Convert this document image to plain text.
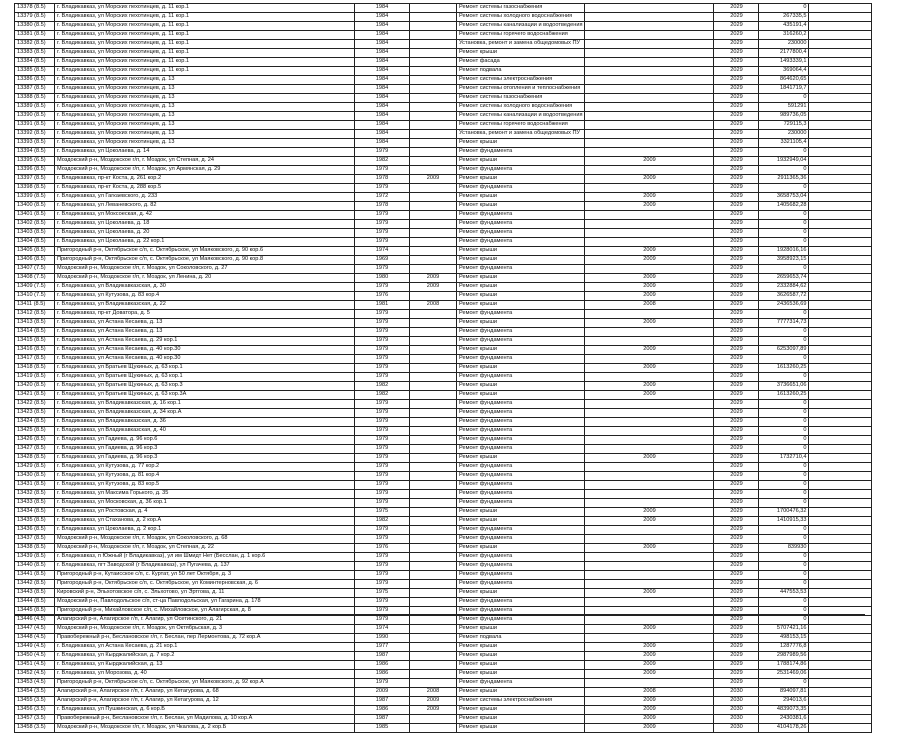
13378 (8.5)	г. Владикавказ, ул Морских пехотинцев, д. 11 кор.1	1984		Ремонт системы газоснабжения		2029	0	
13379 (8.5)	г. Владикавказ, ул Морских пехотинцев, д. 11 кор.1	1984		Ремонт системы холодного водоснабжения		2029	267335,5	
13380 (8.5)	г. Владикавказ, ул Морских пехотинцев, д. 11 кор.1	1984		Ремонт системы канализации и водоотведения		2029	435191,4	
13381 (8.5)	г. Владикавказ, ул Морских пехотинцев, д. 11 кор.1	1984		Ремонт системы горячего водоснабжения		2029	316260,2	
13382 (8.5)	г. Владикавказ, ул Морских пехотинцев, д. 11 кор.1	1984		Установка, ремонт и замена общедомовых ПУ		2029	230000	
13383 (8.5)	г. Владикавказ, ул Морских пехотинцев, д. 11 кор.1	1984		Ремонт крыши		2029	2177800,4	
13384 (8.5)	г. Владикавказ, ул Морских пехотинцев, д. 11 кор.1	1984		Ремонт фасада		2029	1493339,1	
13385 (8.5)	г. Владикавказ, ул Морских пехотинцев, д. 11 кор.1	1984		Ремонт подвала		2029	369064,4	
13386 (8.5)	г. Владикавказ, ул Морских пехотинцев, д. 13	1984		Ремонт системы электроснабжения		2029	864620,65	
13387 (8.5)	г. Владикавказ, ул Морских пехотинцев, д. 13	1984		Ремонт системы отопления и теплоснабжения		2029	1841719,7	
13388 (8.5)	г. Владикавказ, ул Морских пехотинцев, д. 13	1984		Ремонт системы газоснабжения		2029	0	
13389 (8.5)	г. Владикавказ, ул Морских пехотинцев, д. 13	1984		Ремонт системы холодного водоснабжения		2029	591291	
13390 (8.5)	г. Владикавказ, ул Морских пехотинцев, д. 13	1984		Ремонт системы канализации и водоотведения		2029	989736,05	
13391 (8.5)	г. Владикавказ, ул Морских пехотинцев, д. 13	1984		Ремонт системы горячего водоснабжения		2029	729115,3	
13392 (8.5)	г. Владикавказ, ул Морских пехотинцев, д. 13	1984		Установка, ремонт и замена общедомовых ПУ		2029	230000	
13393 (8.5)	г. Владикавказ, ул Морских пехотинцев, д. 13	1984		Ремонт крыши		2029	3321105,4	
13394 (8.5)	г. Владикавказ, ул Цоколаева, д. 14	1979		Ремонт фундамента		2029	0	
13395 (6.5)	Моздокский р-н, Моздокское г/п, г. Моздок, ул Степная, д. 24	1982		Ремонт крыши	2009	2029	1932949,04	
13396 (8.5)	Моздокский р-н, Моздокское г/п, г. Моздок, ул Армянская, д. 29	1979		Ремонт фундамента		2029	0	
13397 (8.5)	г. Владикавказ, пр-кт Коста, д. 261 кор.2	1978	2009	Ремонт крыши	2009	2029	2911365,36	
13398 (8.5)	г. Владикавказ, пр-кт Коста, д. 288 кор.5	1979		Ремонт фундамента		2029	0	
13399 (8.5)	г. Владикавказ, ул Гагкаевского, д. 233	1972		Ремонт крыши	2009	2029	3658753,04	
13400 (8.5)	г. Владикавказ, ул Леваневского, д. 82	1978		Ремонт крыши	2009	2029	1405682,28	
13401 (8.5)	г. Владикавказ, ул Моксоеская, д. 42	1979		Ремонт фундамента		2029	0	
13402 (8.5)	г. Владикавказ, ул Цоколаева, д. 18	1979		Ремонт фундамента		2029	0	
13403 (8.5)	г. Владикавказ, ул Цоколаева, д. 20	1979		Ремонт фундамента		2029	0	
13404 (8.5)	г. Владикавказ, ул Цоколаева, д. 22 кор.1	1979		Ремонт фундамента		2029	0	
13405 (8.5)	Пригородный р-н, Октябрьское с/п, с. Октябрьское, ул Маяковского, д. 90 кор.6	1974		Ремонт крыши	2009	2029	1928016,16	
13406 (8.5)	Пригородный р-н, Октябрьское с/п, с. Октябрьское, ул Маяковского, д. 90 кор.8	1969		Ремонт крыши	2009	2029	3958923,15	
13407 (7.5)	Моздокский р-н, Моздокское г/п, г. Моздок, ул Соколовского, д. 27	1979		Ремонт фундамента		2029	0	
13408 (7.5)	Моздокский р-н, Моздокское г/п, г. Моздок, ул Ленина, д. 20	1980	2009	Ремонт крыши	2009	2029	2659653,74	
13409 (7.5)	г. Владикавказ, ул Владикавказская, д. 30	1979	2009	Ремонт крыши	2009	2029	2332884,62	
13410 (7.5)	г. Владикавказ, ул Кутузова, д. 83 кор.4	1976		Ремонт крыши	2009	2029	3626587,72	
13411 (8.5)	г. Владикавказ, ул Владикавказская, д. 22	1981	2008	Ремонт крыши	2008	2029	2436536,69	
13412 (8.5)	г. Владикавказ, пр-кт Доватора, д. 5	1979		Ремонт фундамента		2029	0	
13413 (8.5)	г. Владикавказ, ул Астана Кесаева, д. 13	1979		Ремонт крыши	2009	2029	7777314,73	
13414 (8.5)	г. Владикавказ, ул Астана Кесаева, д. 13	1979		Ремонт фундамента		2029	0	
13415 (8.5)	г. Владикавказ, ул Астана Кесаева, д. 29 кор.1	1979		Ремонт фундамента		2029	0	
13416 (8.5)	г. Владикавказ, ул Астана Кесаева, д. 40 кор.30	1979		Ремонт крыши	2009	2029	6253097,89	
13417 (8.5)	г. Владикавказ, ул Астана Кесаева, д. 40 кор.30	1979		Ремонт фундамента		2029	0	
13418 (8.5)	г. Владикавказ, ул Братьев Щукиных, д. 63 кор.1	1979		Ремонт крыши	2009	2029	1613260,25	
13419 (8.5)	г. Владикавказ, ул Братьев Щукиных, д. 63 кор.1	1979		Ремонт фундамента		2029	0	
13420 (8.5)	г. Владикавказ, ул Братьев Щукиных, д. 63 кор.3	1982		Ремонт крыши	2009	2029	3736651,06	
13421 (8.5)	г. Владикавказ, ул Братьев Щукиных, д. 63 кор.3А	1982		Ремонт крыши	2009	2029	1613260,25	
13422 (8.5)	г. Владикавказ, ул Владикавказская, д. 16 кор.1	1979		Ремонт фундамента		2029	0	
13423 (8.5)	г. Владикавказ, ул Владикавказская, д. 34 кор.А	1979		Ремонт фундамента		2029	0	
13424 (8.5)	г. Владикавказ, ул Владикавказская, д. 36	1979		Ремонт фундамента		2029	0	
13425 (8.5)	г. Владикавказ, ул Владикавказская, д. 40	1979		Ремонт фундамента		2029	0	
13426 (8.5)	г. Владикавказ, ул Гадиева, д. 96 кор.6	1979		Ремонт фундамента		2029	0	
13427 (8.5)	г. Владикавказ, ул Гадиева, д. 96 кор.3	1979		Ремонт фундамента		2029	0	
13428 (8.5)	г. Владикавказ, ул Гадиева, д. 96 кор.3	1979		Ремонт крыши	2009	2029	1732710,4	
13429 (8.5)	г. Владикавказ, ул Кутузова, д. 77 кор.2	1979		Ремонт фундамента		2029	0	
13430 (8.5)	г. Владикавказ, ул Кутузова, д. 81 кор.4	1979		Ремонт фундамента		2029	0	
13431 (8.5)	г. Владикавказ, ул Кутузова, д. 83 кор.5	1979		Ремонт фундамента		2029	0	
13432 (8.5)	г. Владикавказ, ул Максима Горького, д. 35	1979		Ремонт фундамента		2029	0	
13433 (8.5)	г. Владикавказ, ул Московская, д. 36 кор.1	1979		Ремонт фундамента		2029	0	
13434 (8.5)	г. Владикавказ, ул Ростовская, д. 4	1975		Ремонт крыши	2009	2029	1700476,32	
13435 (8.5)	г. Владикавказ, ул Стаханова, д. 2 кор.А	1982		Ремонт крыши	2009	2029	1410915,33	
13436 (8.5)	г. Владикавказ, ул Цоколаева, д. 2 кор.1	1979		Ремонт фундамента		2029	0	
13437 (8.5)	Моздокский р-н, Моздокское г/п, г. Моздок, ул Соколовского, д. 68	1979		Ремонт фундамента		2029	0	
13438 (8.5)	Моздокский р-н, Моздокское г/п, г. Моздок, ул Степная, д. 22	1976		Ремонт крыши	2009	2029	839930	
13439 (8.5)	г. Владикавказ, п Южный (г Владикавказ), ул им Шмидт Нет (Бесслан, д. 1 кор.6	1979		Ремонт фундамента		2029	0	
13440 (8.5)	г. Владикавказ, пгт Заводской (г Владикавказ), ул Пугачева, д. 137	1979		Ремонт фундамента		2029	0	
13441 (8.5)	Пригородный р-н, Кутаисское с/п, с. Куртат, ул 50 лет Октября, д. 3	1979		Ремонт фундамента		2029	0	
13442 (8.5)	Пригородный р-н, Октябрьское с/п, с. Октябрьское, ул Коминтерновская, д. 6	1979		Ремонт фундамента		2029	0	
13443 (8.5)	Кировский р-н, Эльхотовское с/п, с. Эльхотово, ул Эртгова, д. 11	1975		Ремонт крыши	2009	2029	447553,53	
13444 (8.5)	Моздокский р-н, Павлодольское с/п, ст-ца Павлодольская, ул Гагарина, д. 178	1979		Ремонт фундамента		2029	0	
13445 (8.5)	Пригородный р-н, Михайловское с/п, с. Михайловское, ул Алагирская, д. 8	1979		Ремонт фундамента		2029	0	
13446 (4.5)	Алагирский р-н, Алагирское г/п, г. Алагир, ул Осетинского, д. 21	1979		Ремонт фундамента		2029	0	
13447 (4.5)	Моздокский р-н, Моздокское г/п, г. Моздок, ул Октябрьская, д. 3	1974		Ремонт крыши	2009	2029	5707421,16	
13448 (4.5)	Правобережный р-н, Беслановское г/п, г. Беслан, пер Лермонтова, д. 72 кор.А	1990		Ремонт подвала		2029	498153,15	
13449 (4.5)	г. Владикавказ, ул Астана Кесаева, д. 21 кор.1	1977		Ремонт крыши	2009	2029	1287776,8	
13450 (4.5)	г. Владикавказ, ул Кырджалийская, д. 7 кор.2	1987		Ремонт крыши	2009	2029	2987989,56	
13451 (4.5)	г. Владикавказ, ул Кырджалийская, д. 13	1986		Ремонт крыши	2009	2029	1788174,86	
13452 (4.5)	г. Владикавказ, ул Морозова, д. 40	1986		Ремонт крыши	2009	2029	2531469,06	
13453 (4.5)	Пригородный р-н, Октябрьское с/п, с. Октябрьское, ул Маяковского, д. 92 кор.А	1979		Ремонт фундамента		2029	0	
13454 (3.5)	Алагирский р-н, Алагирское г/п, г. Алагир, ул Кетагурова, д. 68	2009	2008	Ремонт крыши	2008	2030	894097,81	
13455 (3.5)	Алагирский р-н, Алагирское г/п, г. Алагир, ул Кетагурова, д. 12	1987	2009	Ремонт системы электроснабжения	2009	2030	294013,6	
13456 (3.5)	г. Владикавказ, ул Пушкинская, д. 6 кор.Б	1986	2009	Ремонт крыши	2009	2030	4839073,35	
13457 (3.5)	Правобережный р-н, Беслановское г/п, г. Беслан, ул Мадилова, д. 10 кор.А	1987		Ремонт крыши	2009	2030	2430381,6	
13458 (3.5)	Моздокский р-н, Моздокское г/п, г. Моздок, ул Чкалова, д. 2 кор.Б	1985		Ремонт крыши	2009	2030	4104178,26	
